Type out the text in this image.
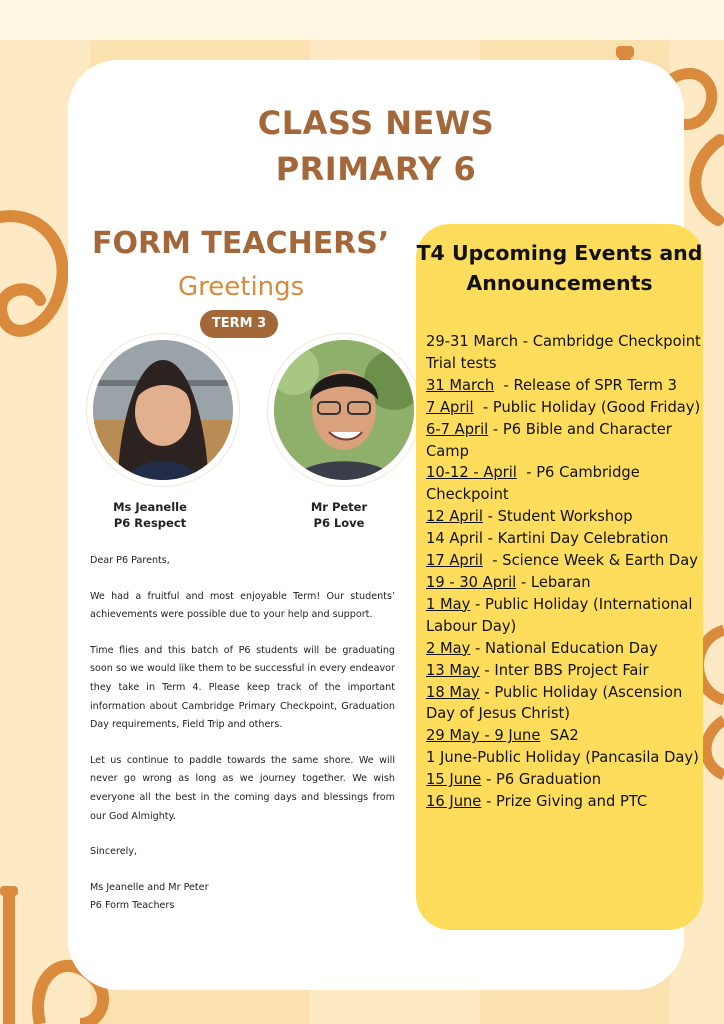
CLASS NEWS
PRIMARY 6
FORM TEACHERS’
Greetings
TERM 3
Ms Jeanelle
P6 Respect
Mr Peter
P6 Love

Dear P6 Parents,

We had a fruitful and most enjoyable Term! Our students’ achievements were possible due to your help and support.

Time flies and this batch of P6 students will be graduating soon so we would like them to be successful in every endeavor they take in Term 4. Please keep track of the important information about Cambridge Primary Checkpoint, Graduation Day requirements, Field Trip and others.

Let us continue to paddle towards the same shore. We will never go wrong as long as we journey together. We wish everyone all the best in the coming days and blessings from our God Almighty.

Sincerely,

Ms Jeanelle and Mr Peter
P6 Form Teachers
T4 Upcoming Events and Announcements
29-31 March - Cambridge Checkpoint Trial tests
31 March  - Release of SPR Term 3
7 April  - Public Holiday (Good Friday)
6-7 April - P6 Bible and Character Camp
10-12 - April  - P6 Cambridge Checkpoint
12 April - Student Workshop
14 April - Kartini Day Celebration
17 April  - Science Week & Earth Day
19 - 30 April - Lebaran
1 May - Public Holiday (International Labour Day)
2 May - National Education Day
13 May - Inter BBS Project Fair
18 May - Public Holiday (Ascension Day of Jesus Christ)
29 May - 9 June  SA2
1 June-Public Holiday (Pancasila Day)
15 June - P6 Graduation
16 June - Prize Giving and PTC
